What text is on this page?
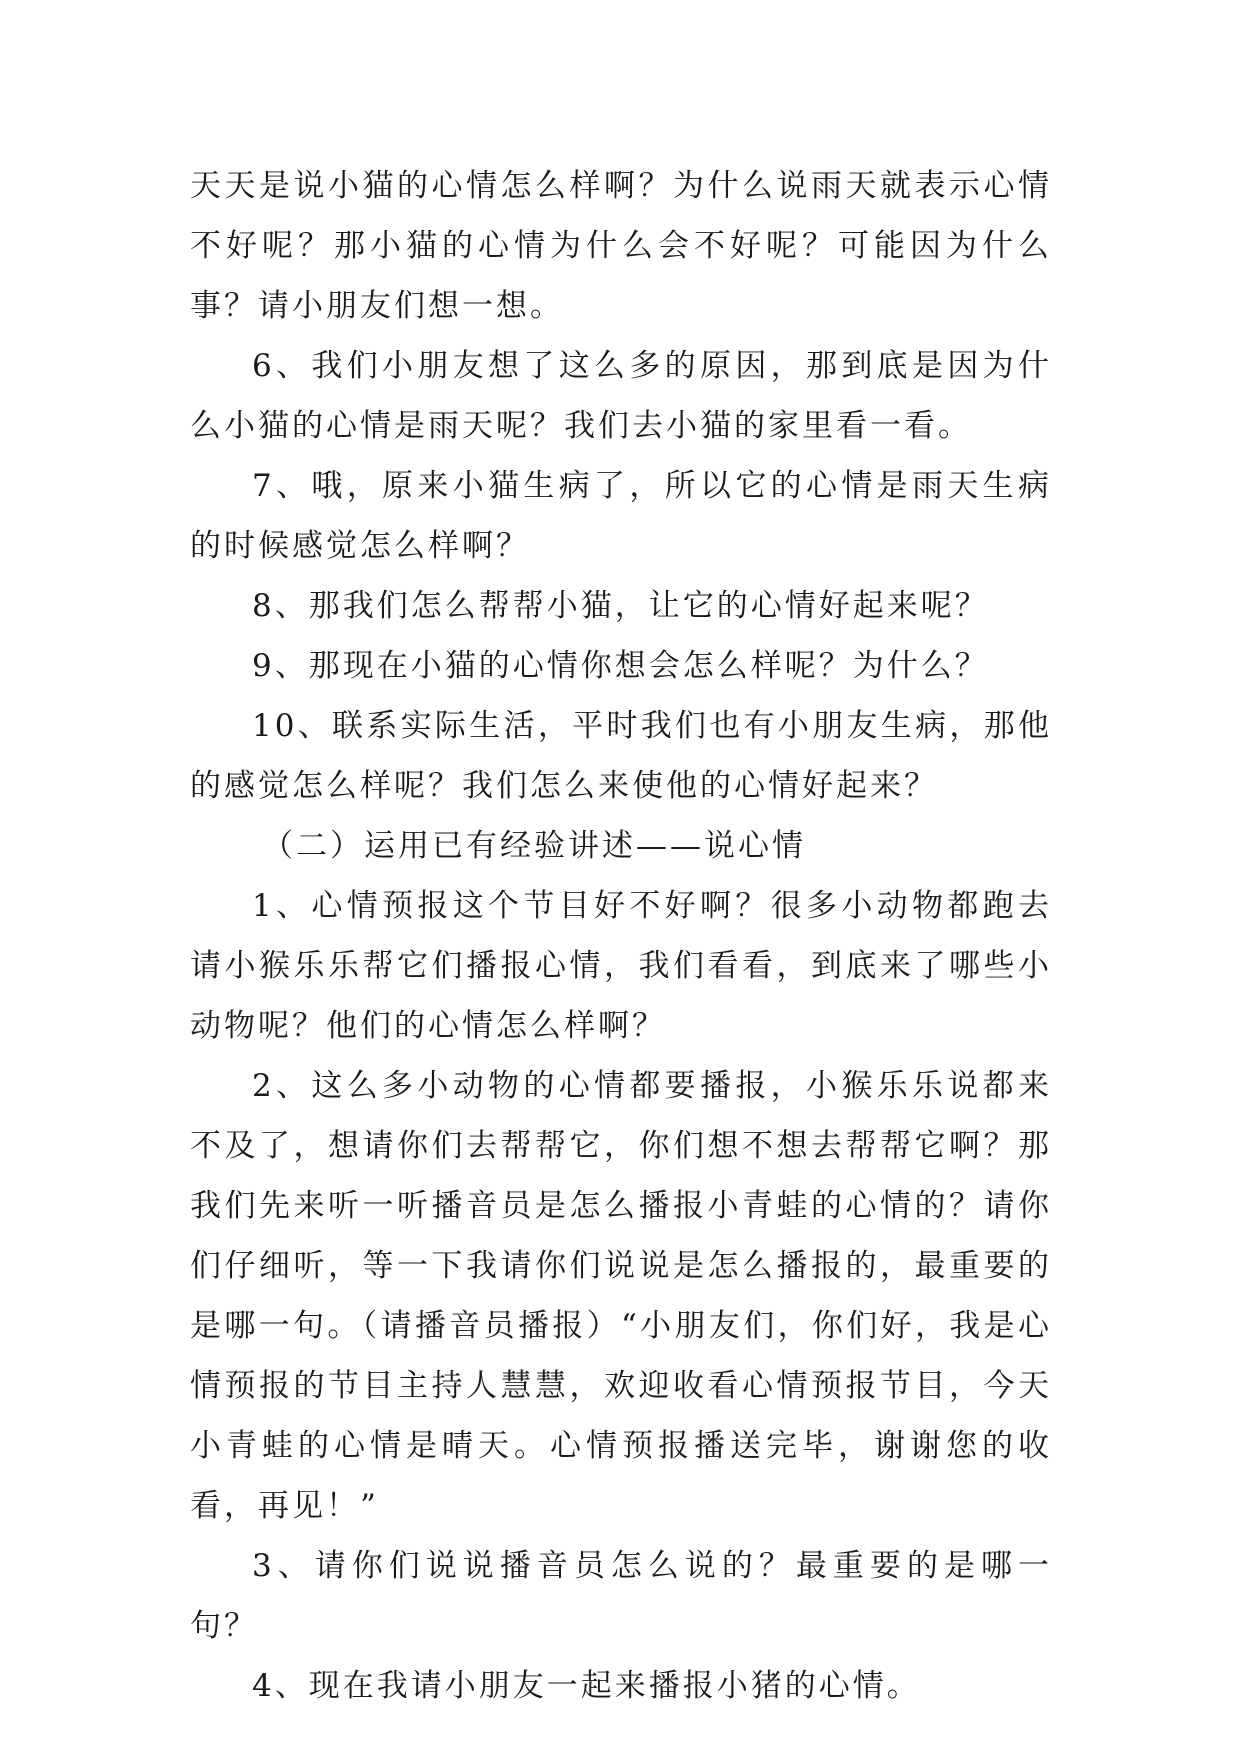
天天是说小猫的心情怎么样啊？为什么说雨天就表示心情不好呢？那小猫的心情为什么会不好呢？可能因为什么事？请小朋友们想一想。

6、我们小朋友想了这么多的原因，那到底是因为什么小猫的心情是雨天呢？我们去小猫的家里看一看。

7、哦，原来小猫生病了，所以它的心情是雨天生病的时候感觉怎么样啊？

8、那我们怎么帮帮小猫，让它的心情好起来呢？

9、那现在小猫的心情你想会怎么样呢？为什么？

10、联系实际生活，平时我们也有小朋友生病，那他的感觉怎么样呢？我们怎么来使他的心情好起来？

（二）运用已有经验讲述——说心情

1、心情预报这个节目好不好啊？很多小动物都跑去请小猴乐乐帮它们播报心情，我们看看，到底来了哪些小动物呢？他们的心情怎么样啊？

2、这么多小动物的心情都要播报，小猴乐乐说都来不及了，想请你们去帮帮它，你们想不想去帮帮它啊？那我们先来听一听播音员是怎么播报小青蛙的心情的？请你们仔细听，等一下我请你们说说是怎么播报的，最重要的是哪一句。（请播音员播报）“小朋友们，你们好，我是心情预报的节目主持人慧慧，欢迎收看心情预报节目，今天小青蛙的心情是晴天。心情预报播送完毕，谢谢您的收看，再见！”

3、请你们说说播音员怎么说的？最重要的是哪一句？

4、现在我请小朋友一起来播报小猪的心情。
